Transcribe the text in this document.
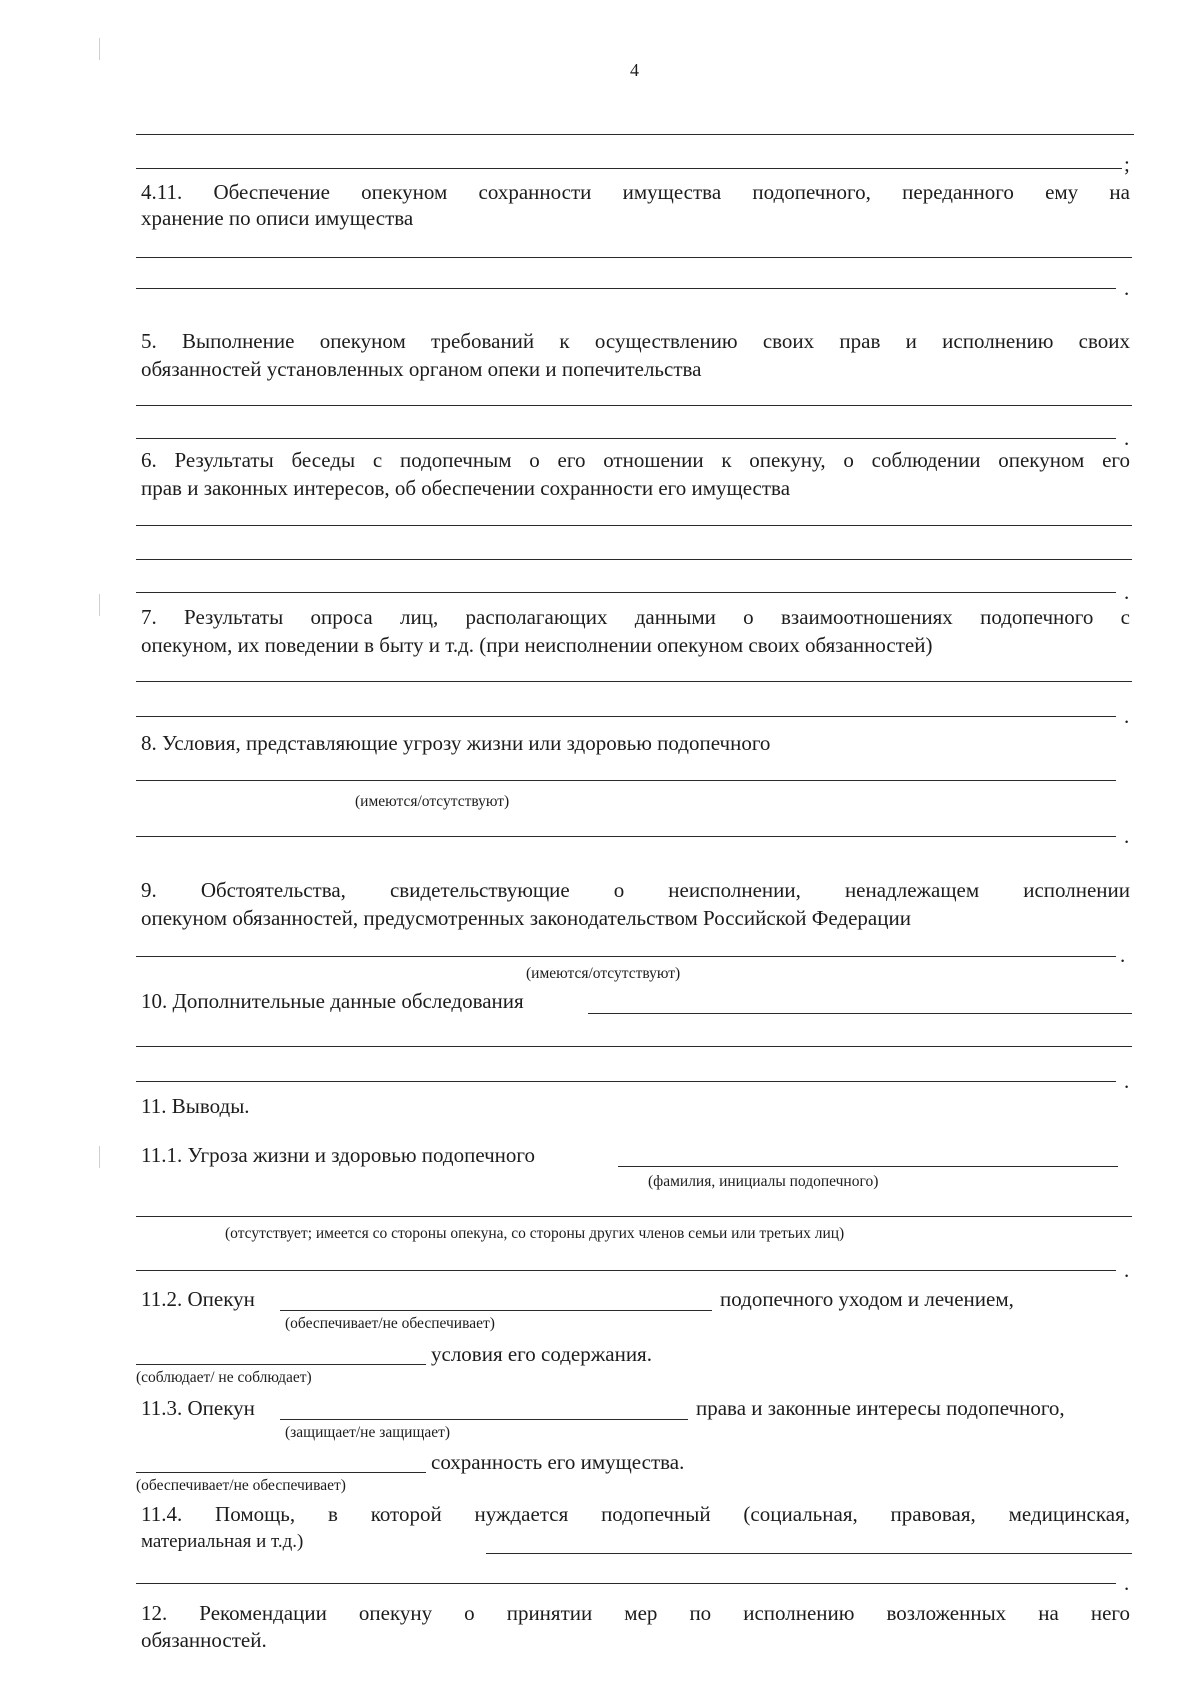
4
;
4.11. Обеспечение опекуном сохранности имущества подопечного, переданного ему на
хранение по описи имущества
.
5. Выполнение опекуном требований к осуществлению своих прав и исполнению своих
обязанностей установленных органом опеки и попечительства
.
6. Результаты беседы с подопечным о его отношении к опекуну, о соблюдении опекуном его
прав и законных интересов, об обеспечении сохранности его имущества
.
7. Результаты опроса лиц, располагающих данными о взаимоотношениях подопечного с
опекуном, их поведении в быту и т.д. (при неисполнении опекуном своих обязанностей)
.
8. Условия, представляющие угрозу жизни или здоровью подопечного
(имеются/отсутствуют)
.
9. Обстоятельства, свидетельствующие о неисполнении, ненадлежащем исполнении
опекуном обязанностей, предусмотренных законодательством Российской Федерации
.
(имеются/отсутствуют)
10. Дополнительные данные обследования
.
11. Выводы.
11.1. Угроза жизни и здоровью подопечного
(фамилия, инициалы подопечного)
(отсутствует; имеется со стороны опекуна, со стороны других членов семьи или третьих лиц)
.
11.2. Опекун	подопечного уходом и лечением,
(обеспечивает/не обеспечивает)
условия его содержания.
(соблюдает/ не соблюдает)
11.3. Опекун	права и законные интересы подопечного,
(защищает/не защищает)
сохранность его имущества.
(обеспечивает/не обеспечивает)
11.4. Помощь, в которой нуждается подопечный (социальная, правовая, медицинская,
материальная и т.д.)
.
12. Рекомендации опекуну о принятии мер по исполнению возложенных на него
обязанностей.
